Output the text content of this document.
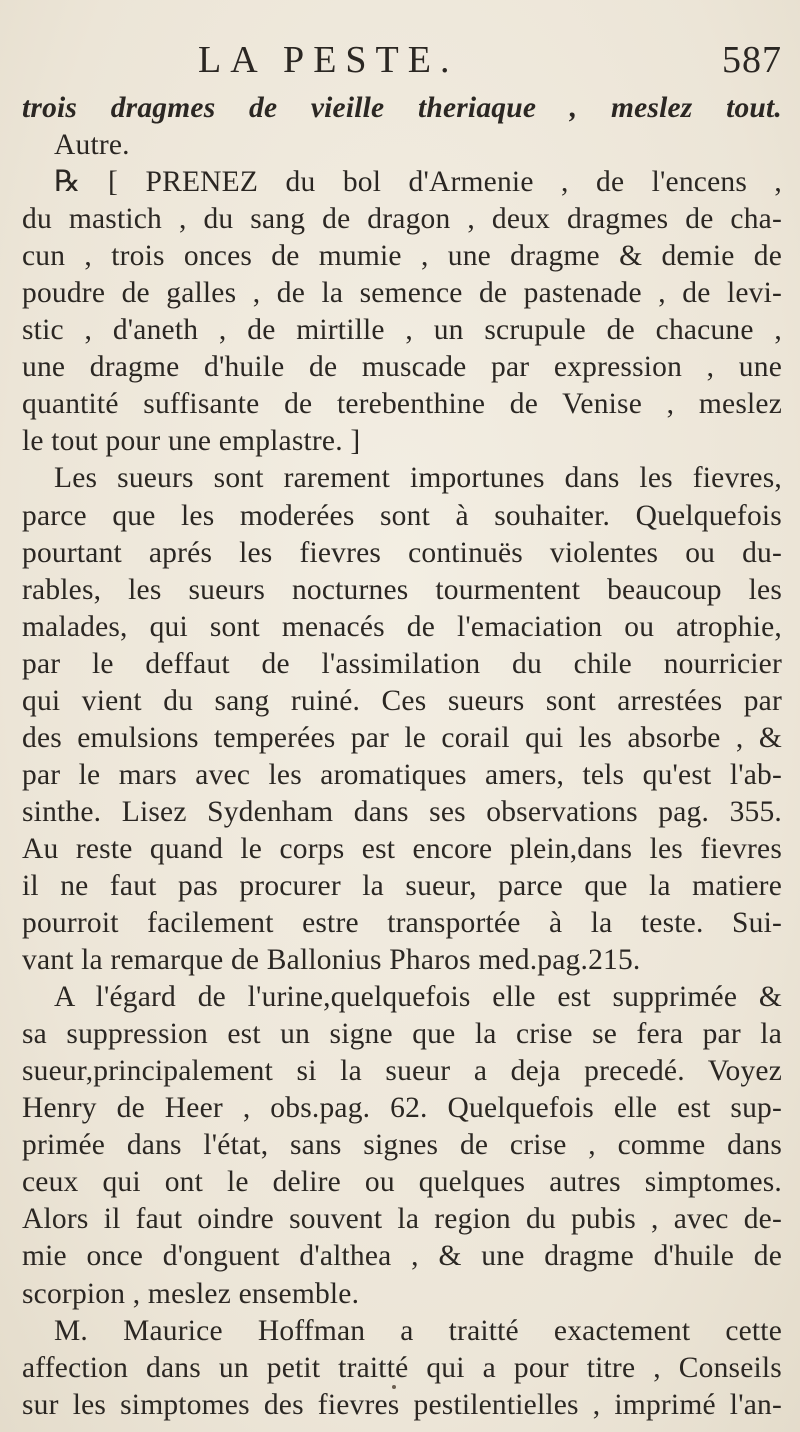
LA PESTE.	587
trois dragmes de vieille theriaque , meslez tout.
Autre.
℞ [ PRENEZ du bol d'Armenie , de l'encens ,
du mastich , du sang de dragon , deux dragmes de cha-
cun , trois onces de mumie , une dragme & demie de
poudre de galles , de la semence de pastenade , de levi-
stic , d'aneth , de mirtille , un scrupule de chacune ,
une dragme d'huile de muscade par expression , une
quantité suffisante de terebenthine de Venise , meslez
le tout pour une emplastre. ]
Les sueurs sont rarement importunes dans les fievres,
parce que les moderées sont à souhaiter. Quelquefois
pourtant aprés les fievres continuës violentes ou du-
rables, les sueurs nocturnes tourmentent beaucoup les
malades, qui sont menacés de l'emaciation ou atrophie,
par le deffaut de l'assimilation du chile nourricier
qui vient du sang ruiné. Ces sueurs sont arrestées par
des emulsions temperées par le corail qui les absorbe , &
par le mars avec les aromatiques amers, tels qu'est l'ab-
sinthe. Lisez Sydenham dans ses observations pag. 355.
Au reste quand le corps est encore plein,dans les fievres
il ne faut pas procurer la sueur, parce que la matiere
pourroit facilement estre transportée à la teste. Sui-
vant la remarque de Ballonius Pharos med.pag.215.
A l'égard de l'urine,quelquefois elle est supprimée &
sa suppression est un signe que la crise se fera par la
sueur,principalement si la sueur a deja precedé. Voyez
Henry de Heer , obs.pag. 62. Quelquefois elle est sup-
primée dans l'état, sans signes de crise , comme dans
ceux qui ont le delire ou quelques autres simptomes.
Alors il faut oindre souvent la region du pubis , avec de-
mie once d'onguent d'althea , & une dragme d'huile de
scorpion , meslez ensemble.
M. Maurice Hoffman a traitté exactement cette
affection dans un petit traitté qui a pour titre , Conseils
sur les simptomes des fievres pestilentielles , imprimé l'an-
